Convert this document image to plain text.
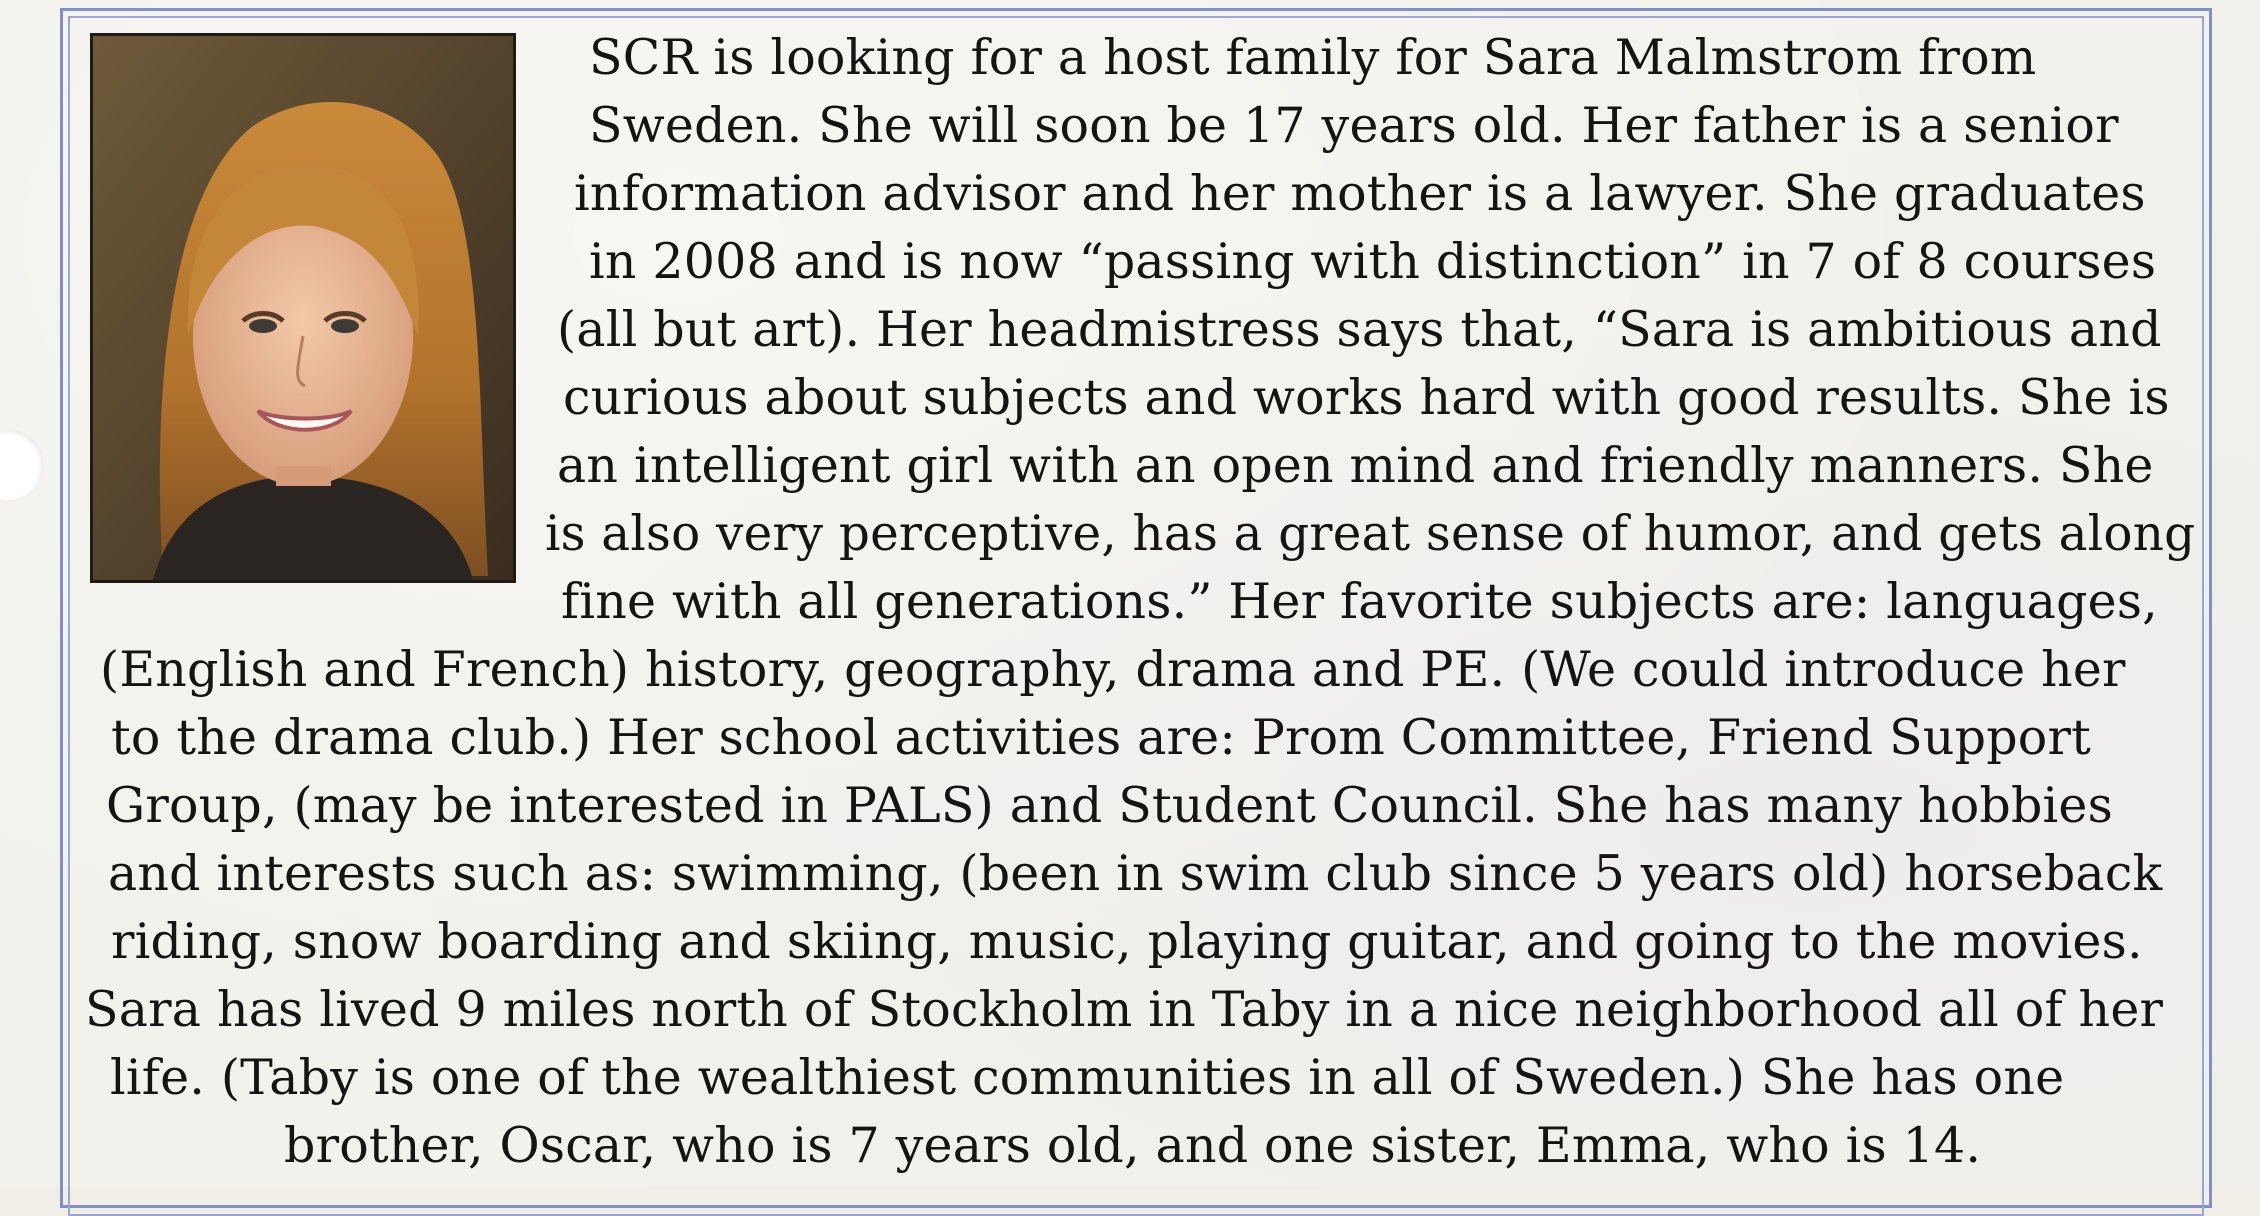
SCR is looking for a host family for Sara Malmstrom from
Sweden. She will soon be 17 years old. Her father is a senior
information advisor and her mother is a lawyer. She graduates
in 2008 and is now “passing with distinction” in 7 of 8 courses
(all but art). Her headmistress says that, “Sara is ambitious and
curious about subjects and works hard with good results. She is
an intelligent girl with an open mind and friendly manners. She
is also very perceptive, has a great sense of humor, and gets along
fine with all generations.” Her favorite subjects are: languages,
(English and French) history, geography, drama and PE. (We could introduce her
to the drama club.) Her school activities are: Prom Committee, Friend Support
Group, (may be interested in PALS) and Student Council. She has many hobbies
and interests such as: swimming, (been in swim club since 5 years old) horseback
riding, snow boarding and skiing, music, playing guitar, and going to the movies.
Sara has lived 9 miles north of Stockholm in Taby in a nice neighborhood all of her
life. (Taby is one of the wealthiest communities in all of Sweden.) She has one
brother, Oscar, who is 7 years old, and one sister, Emma, who is 14.
